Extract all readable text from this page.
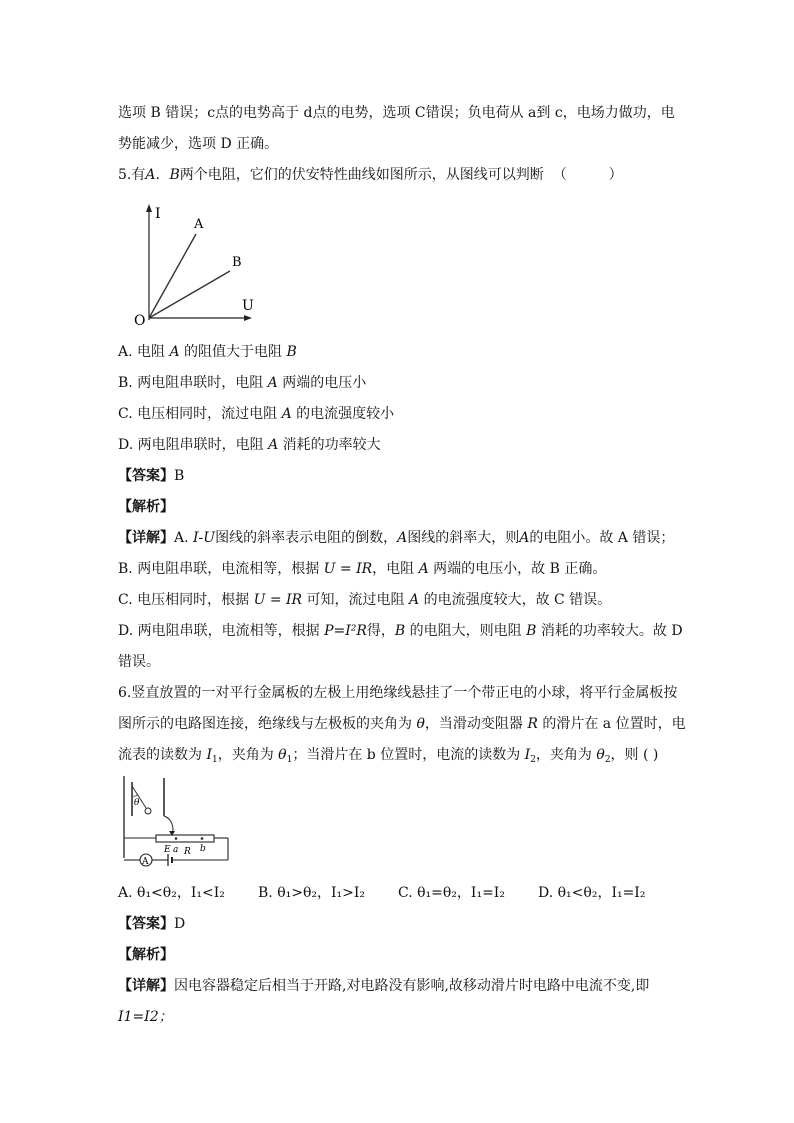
选项 B 错误；c点的电势高于 d点的电势，选项 C错误；负电荷从 a到 c，电场力做功，电
势能减少，选项 D 正确。
5.有A．B两个电阻，它们的伏安特性曲线如图所示，从图线可以判断 （　　　）
I
U
O
A
B
A. 电阻 A 的阻值大于电阻 B
B. 两电阻串联时，电阻 A 两端的电压小
C. 电压相同时，流过电阻 A 的电流强度较小
D. 两电阻串联时，电阻 A 消耗的功率较大
【答案】B
【解析】
【详解】A. I-U图线的斜率表示电阻的倒数，A图线的斜率大，则A的电阻小。故 A 错误；
B. 两电阻串联，电流相等，根据 U = IR，电阻 A 两端的电压小，故 B 正确。
C. 电压相同时，根据 U = IR 可知，流过电阻 A 的电流强度较大，故 C 错误。
D. 两电阻串联，电流相等，根据 P=I²R得，B 的电阻大，则电阻 B 消耗的功率较大。故 D
错误。
6.竖直放置的一对平行金属板的左极上用绝缘线悬挂了一个带正电的小球，将平行金属板按
图所示的电路图连接，绝缘线与左极板的夹角为 θ，当滑动变阻器 R 的滑片在 a 位置时，电
流表的读数为 $I_1$，夹角为 $\theta_1$；当滑片在 b 位置时，电流的读数为 $I_2$，夹角为 $\theta_2$，则 ( )
θ
a b
R
A
E
A. θ₁<θ₂，I₁<I₂ B. θ₁>θ₂，I₁>I₂ C. θ₁=θ₂，I₁=I₂ D. θ₁<θ₂，I₁=I₂
【答案】D
【解析】
【详解】因电容器稳定后相当于开路,对电路没有影响,故移动滑片时电路中电流不变,即
I1=I2；
